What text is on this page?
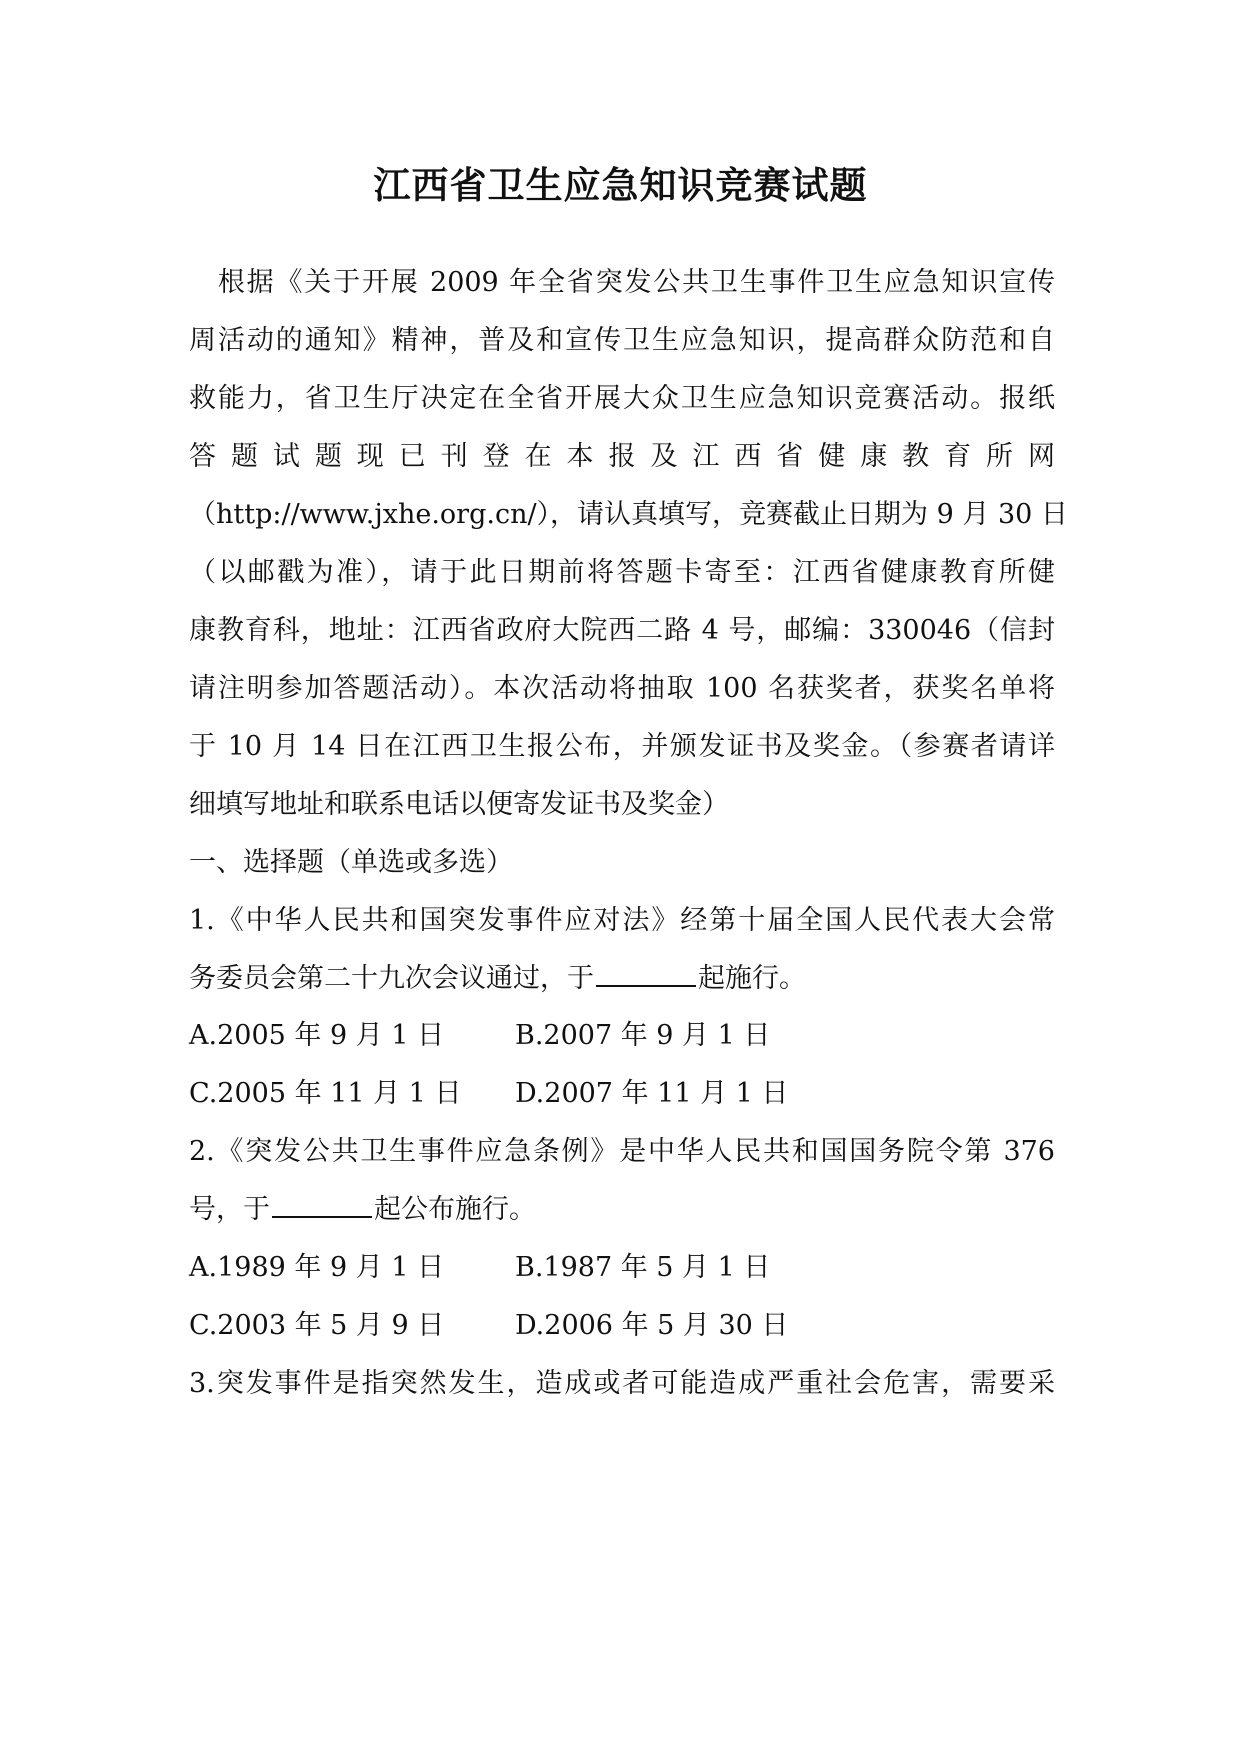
江西省卫生应急知识竞赛试题
　根据《关于开展 2009 年全省突发公共卫生事件卫生应急知识宣传
周活动的通知》精神，普及和宣传卫生应急知识，提高群众防范和自
救能力，省卫生厅决定在全省开展大众卫生应急知识竞赛活动。报纸
答 题 试 题 现 已 刊 登 在 本 报 及 江 西 省 健 康 教 育 所 网
（http://www.jxhe.org.cn/），请认真填写，竞赛截止日期为 9 月 30 日
（以邮戳为准），请于此日期前将答题卡寄至：江西省健康教育所健
康教育科，地址：江西省政府大院西二路 4 号，邮编：330046（信封
请注明参加答题活动）。本次活动将抽取 100 名获奖者，获奖名单将
于 10 月 14 日在江西卫生报公布，并颁发证书及奖金。（参赛者请详
细填写地址和联系电话以便寄发证书及奖金）
一、选择题（单选或多选）
1.《中华人民共和国突发事件应对法》经第十届全国人民代表大会常
务委员会第二十九次会议通过，于	起施行。
A.2005 年 9 月 1 日	B.2007 年 9 月 1 日
C.2005 年 11 月 1 日 D.2007 年 11 月 1 日
2.《突发公共卫生事件应急条例》是中华人民共和国国务院令第 376
号，于	起公布施行。
A.1989 年 9 月 1 日	B.1987 年 5 月 1 日
C.2003 年 5 月 9 日	D.2006 年 5 月 30 日
3.突发事件是指突然发生，造成或者可能造成严重社会危害，需要采
